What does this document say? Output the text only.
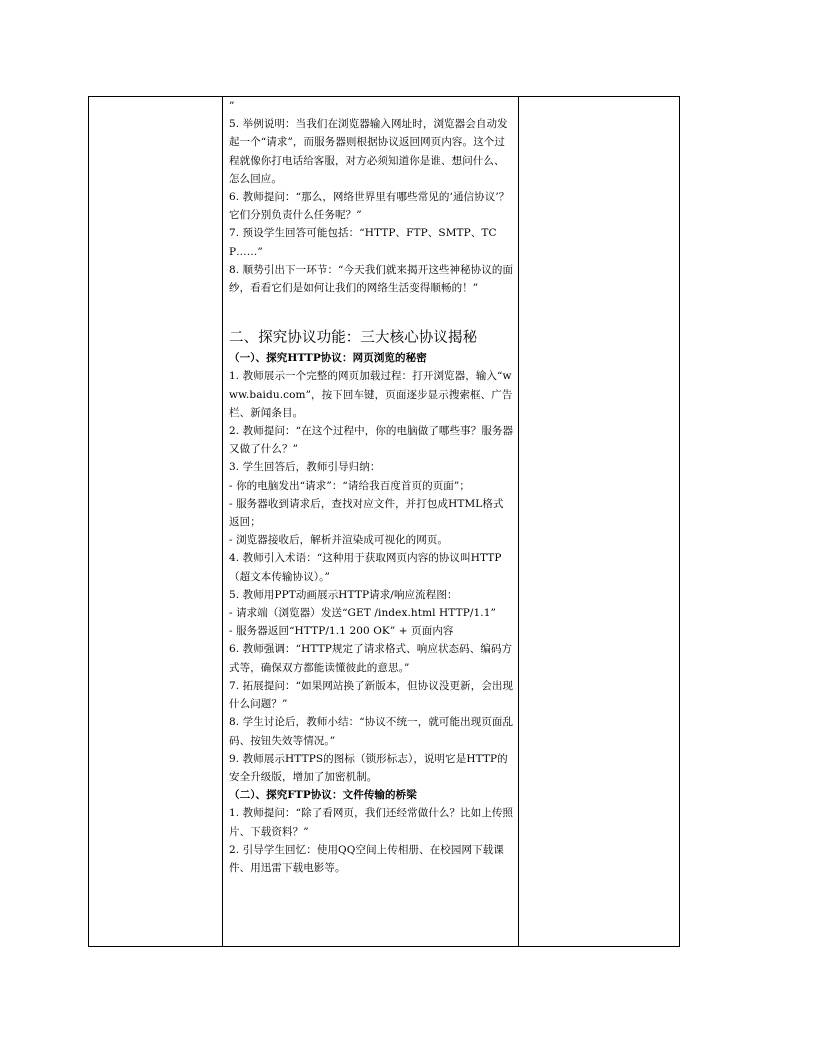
”

5. 举例说明：当我们在浏览器输入网址时，浏览器会自动发起一个“请求”，而服务器则根据协议返回网页内容。这个过程就像你打电话给客服，对方必须知道你是谁、想问什么、怎么回应。

6. 教师提问：“那么，网络世界里有哪些常见的‘通信协议’？它们分别负责什么任务呢？”

7. 预设学生回答可能包括：“HTTP、FTP、SMTP、TCP……”

8. 顺势引出下一环节：“今天我们就来揭开这些神秘协议的面纱，看看它们是如何让我们的网络生活变得顺畅的！”

二、探究协议功能：三大核心协议揭秘

（一）、探究HTTP协议：网页浏览的秘密

1. 教师展示一个完整的网页加载过程：打开浏览器，输入“www.baidu.com”，按下回车键，页面逐步显示搜索框、广告栏、新闻条目。

2. 教师提问：“在这个过程中，你的电脑做了哪些事？服务器又做了什么？”

3. 学生回答后，教师引导归纳：

- 你的电脑发出“请求”：“请给我百度首页的页面”；

- 服务器收到请求后，查找对应文件，并打包成HTML格式返回；

- 浏览器接收后，解析并渲染成可视化的网页。

4. 教师引入术语：“这种用于获取网页内容的协议叫HTTP（超文本传输协议）。”

5. 教师用PPT动画展示HTTP请求/响应流程图：

- 请求端（浏览器）发送“GET /index.html HTTP/1.1”

- 服务器返回“HTTP/1.1 200 OK” + 页面内容

6. 教师强调：“HTTP规定了请求格式、响应状态码、编码方式等，确保双方都能读懂彼此的意思。”

7. 拓展提问：“如果网站换了新版本，但协议没更新，会出现什么问题？”

8. 学生讨论后，教师小结：“协议不统一，就可能出现页面乱码、按钮失效等情况。”

9. 教师展示HTTPS的图标（锁形标志），说明它是HTTP的安全升级版，增加了加密机制。

（二）、探究FTP协议：文件传输的桥梁

1. 教师提问：“除了看网页，我们还经常做什么？比如上传照片、下载资料？”

2. 引导学生回忆：使用QQ空间上传相册、在校园网下载课件、用迅雷下载电影等。
